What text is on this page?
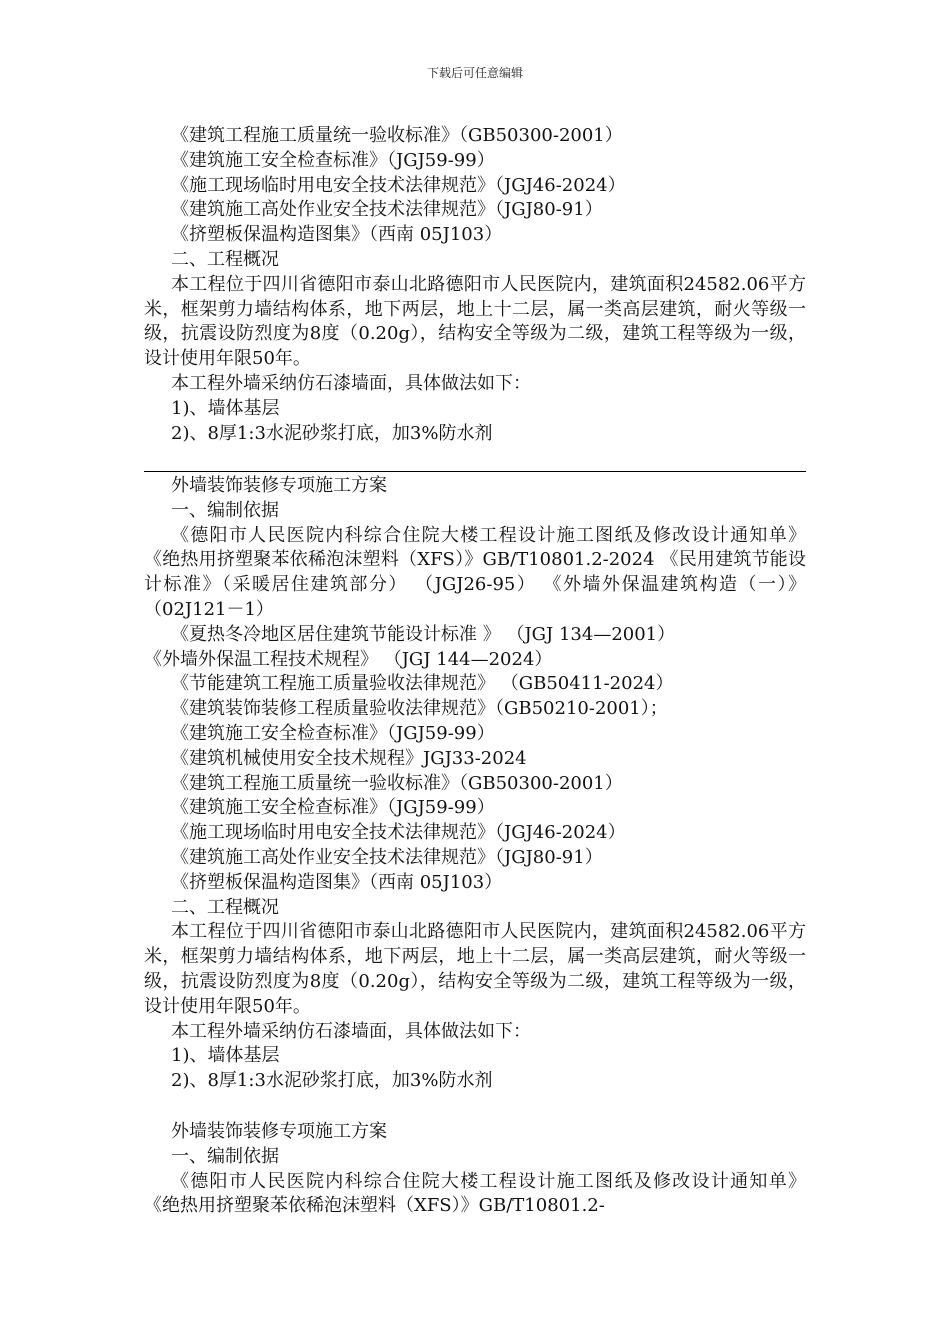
下载后可任意编辑

《建筑工程施工质量统一验收标准》（GB50300-2001）

《建筑施工安全检查标准》（JGJ59-99）

《施工现场临时用电安全技术法律规范》（JGJ46-2024）

《建筑施工高处作业安全技术法律规范》（JGJ80-91）

《挤塑板保温构造图集》（西南 05J103）

二、工程概况

本工程位于四川省德阳市泰山北路德阳市人民医院内，建筑面积24582.06平方米，框架剪力墙结构体系，地下两层，地上十二层，属一类高层建筑，耐火等级一级，抗震设防烈度为8度（0.20g），结构安全等级为二级，建筑工程等级为一级，设计使用年限50年。

本工程外墙采纳仿石漆墙面，具体做法如下：

1)、墙体基层

2)、8厚1:3水泥砂浆打底，加3%防水剂

外墙装饰装修专项施工方案

一、编制依据

《德阳市人民医院内科综合住院大楼工程设计施工图纸及修改设计通知单》 《绝热用挤塑聚苯依稀泡沫塑料（XFS）》GB/T10801.2-2024 《民用建筑节能设计标准》（采暖居住建筑部分） （JGJ26-95） 《外墙外保温建筑构造（一）》 （02J121－1）

《夏热冬冷地区居住建筑节能设计标准 》 （JGJ 134—2001）

《外墙外保温工程技术规程》 （JGJ 144—2024）

《节能建筑工程施工质量验收法律规范》 （GB50411-2024）

《建筑装饰装修工程质量验收法律规范》（GB50210-2001）；

《建筑施工安全检查标准》（JGJ59-99）

《建筑机械使用安全技术规程》JGJ33-2024

《建筑工程施工质量统一验收标准》（GB50300-2001）

《建筑施工安全检查标准》（JGJ59-99）

《施工现场临时用电安全技术法律规范》（JGJ46-2024）

《建筑施工高处作业安全技术法律规范》（JGJ80-91）

《挤塑板保温构造图集》（西南 05J103）

二、工程概况

本工程位于四川省德阳市泰山北路德阳市人民医院内，建筑面积24582.06平方米，框架剪力墙结构体系，地下两层，地上十二层，属一类高层建筑，耐火等级一级，抗震设防烈度为8度（0.20g），结构安全等级为二级，建筑工程等级为一级，设计使用年限50年。

本工程外墙采纳仿石漆墙面，具体做法如下：

1)、墙体基层

2)、8厚1:3水泥砂浆打底，加3%防水剂

外墙装饰装修专项施工方案

一、编制依据

《德阳市人民医院内科综合住院大楼工程设计施工图纸及修改设计通知单》 《绝热用挤塑聚苯依稀泡沫塑料（XFS）》GB/T10801.2-
